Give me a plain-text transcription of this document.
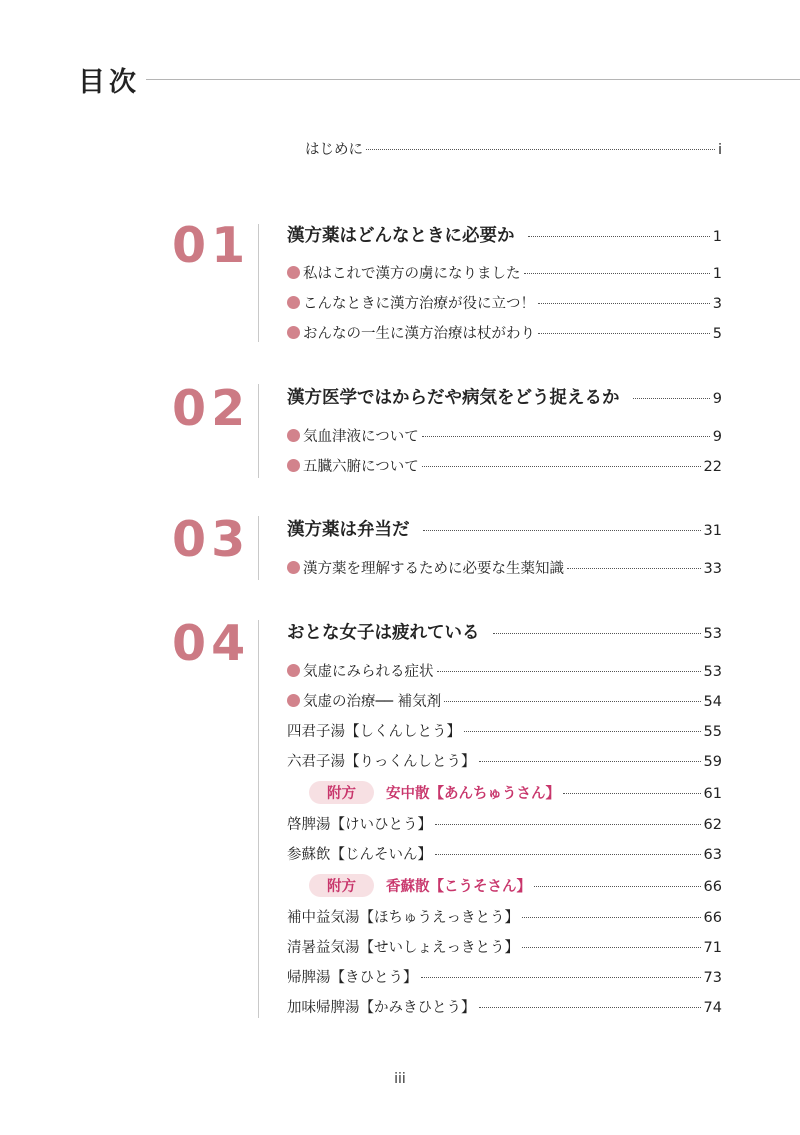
目次
はじめに	i
01 漢方薬はどんなときに必要か	1
私はこれで漢方の虜になりました	1
こんなときに漢方治療が役に立つ！	3
おんなの一生に漢方治療は杖がわり	5
02 漢方医学ではからだや病気をどう捉えるか	9
気血津液について	9
五臓六腑について	22
03 漢方薬は弁当だ	31
漢方薬を理解するために必要な生薬知識	33
04 おとな女子は疲れている	53
気虚にみられる症状	53
気虚の治療── 補気剤	54
四君子湯【しくんしとう】	55
六君子湯【りっくんしとう】	59
附方 安中散【あんちゅうさん】	61
啓脾湯【けいひとう】	62
参蘇飲【じんそいん】	63
附方 香蘇散【こうそさん】	66
補中益気湯【ほちゅうえっきとう】	66
清暑益気湯【せいしょえっきとう】	71
帰脾湯【きひとう】	73
加味帰脾湯【かみきひとう】	74
iii
